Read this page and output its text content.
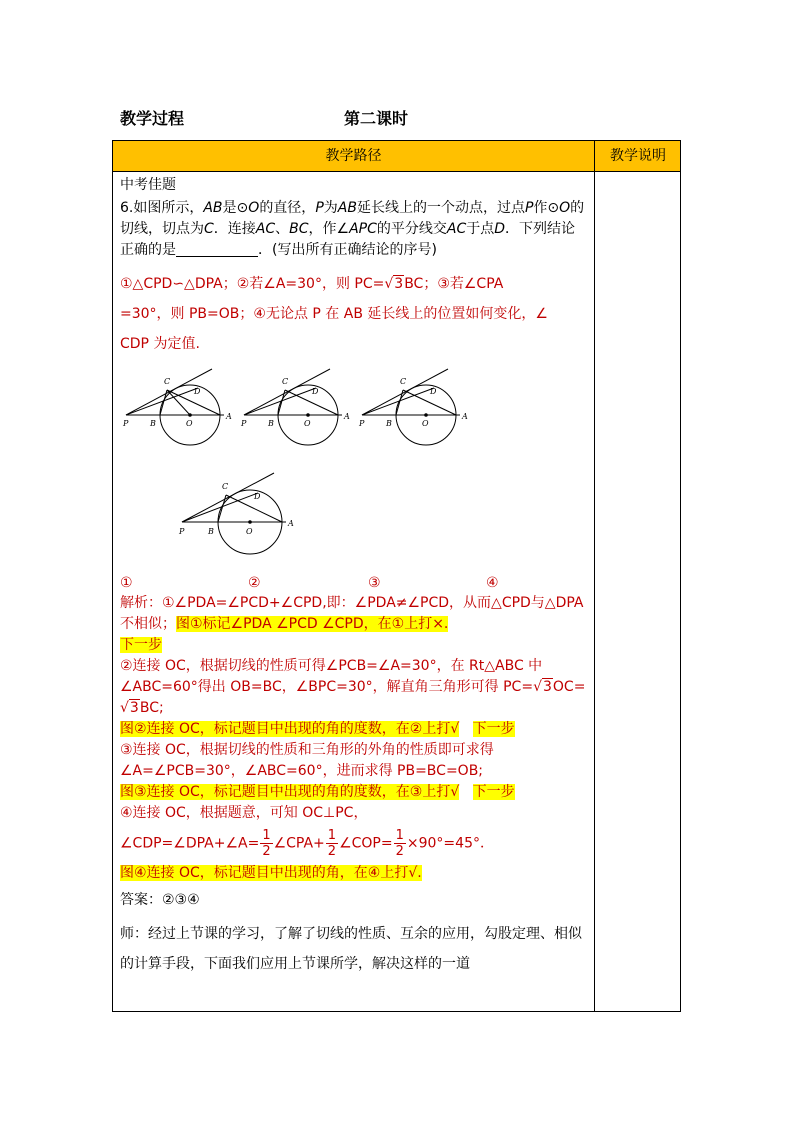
教学过程	第二课时
教学路径	教学说明

中考佳题

6.如图所示，AB是⊙O的直径，P为AB延长线上的一个动点，过点P作⊙O的切线，切点为C．连接AC、BC，作∠APC的平分线交AC于点D．下列结论正确的是	．(写出所有正确结论的序号)

①△CPD∽△DPA；②若∠A=30°，则 PC=√3BC；③若∠CPA
=30°，则 PB=OB；④无论点 P 在 AB 延长线上的位置如何变化，∠
CDP 为定值.
P	B	O
A
C
D
P	B	O
A
C
D
P	B	O
A
C
D
P	B	O
A
C
D
①	②	③	④

解析：①∠PDA=∠PCD+∠CPD,即：∠PDA≠∠PCD，从而△CPD与△DPA 不相似；图①标记∠PDA ∠PCD ∠CPD，在①上打×.
下一步

②连接 OC，根据切线的性质可得∠PCB=∠A=30°，在 Rt△ABC 中∠ABC=60°得出 OB=BC，∠BPC=30°，解直角三角形可得 PC=√3OC=√3BC;

图②连接 OC，标记题目中出现的角的度数，在②上打√ 下一步

③连接 OC，根据切线的性质和三角形的外角的性质即可求得∠A=∠PCB=30°，∠ABC=60°，进而求得 PB=BC=OB;

图③连接 OC，标记题目中出现的角的度数，在③上打√ 下一步

④连接 OC，根据题意，可知 OC⊥PC，

∠CDP=∠DPA+∠A= $\frac{1}{2}$ ∠CPA+ $\frac{1}{2}$ ∠COP= $\frac{1}{2} \times 90^\circ=45^\circ$．

图④连接 OC，标记题目中出现的角，在④上打√.

答案：②③④

师：经过上节课的学习，了解了切线的性质、互余的应用，勾股定理、相似的计算手段，下面我们应用上节课所学，解决这样的一道
